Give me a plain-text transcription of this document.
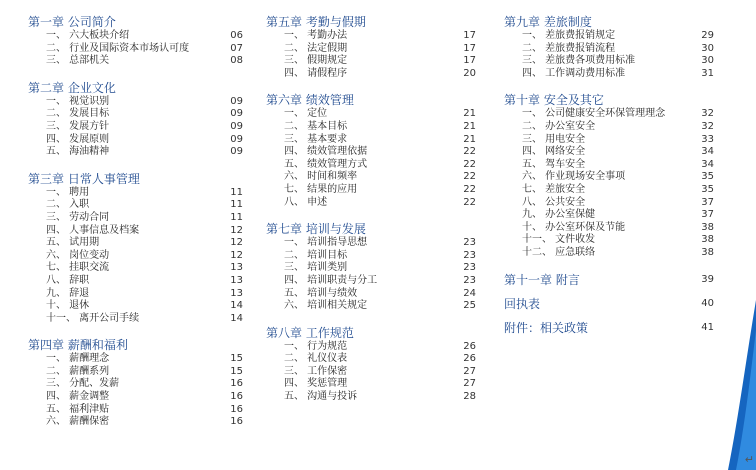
第一章 公司简介
一、 六大板块介绍	06
二、 行业及国际资本市场认可度	07
三、 总部机关	08
第二章 企业文化
一、 视觉识别	09
二、 发展目标	09
三、 发展方针	09
四、 发展原则	09
五、 海油精神	09
第三章 日常人事管理
一、 聘用	11
二、 入职	11
三、 劳动合同	11
四、 人事信息及档案	12
五、 试用期	12
六、 岗位变动	12
七、 挂职交流	13
八、 辞职	13
九、 辞退	13
十、 退休	14
十一、 离开公司手续	14
第四章 薪酬和福利
一、 薪酬理念	15
二、 薪酬系列	15
三、 分配、发薪	16
四、 薪金调整	16
五、 福利津贴	16
六、 薪酬保密	16
第五章 考勤与假期
一、 考勤办法	17
二、 法定假期	17
三、 假期规定	17
四、 请假程序	20
第六章 绩效管理
一、 定位	21
二、 基本目标	21
三、 基本要求	21
四、 绩效管理依据	22
五、 绩效管理方式	22
六、 时间和频率	22
七、 结果的应用	22
八、 申述	22
第七章 培训与发展
一、 培训指导思想	23
二、 培训目标	23
三、 培训类别	23
四、 培训职责与分工	23
五、 培训与绩效	24
六、 培训相关规定	25
第八章 工作规范
一、 行为规范	26
二、 礼仪仪表	26
三、 工作保密	27
四、 奖惩管理	27
五、 沟通与投诉	28
第九章 差旅制度
一、 差旅费报销规定	29
二、 差旅费报销流程	30
三、 差旅费各项费用标准	30
四、 工作调动费用标准	31
第十章 安全及其它
一、 公司健康安全环保管理理念	32
二、 办公室安全	32
三、 用电安全	33
四、 网络安全	34
五、 驾车安全	34
六、 作业现场安全事项	35
七、 差旅安全	35
八、 公共安全	37
九、 办公室保健	37
十、 办公室环保及节能	38
十一、 文件收发	38
十二、 应急联络	38
第十一章 附言	39
回执表	40
附件：相关政策	41
↵
